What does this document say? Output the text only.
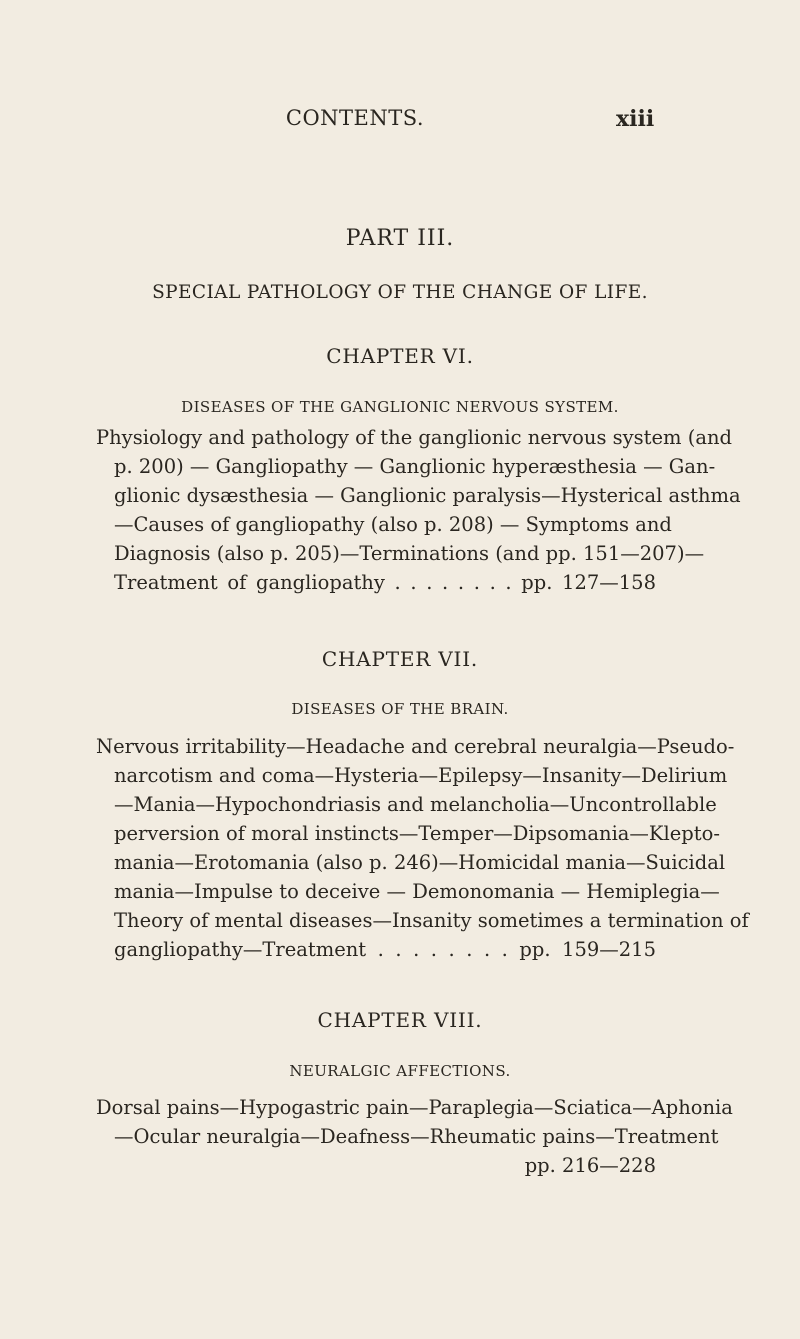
CONTENTS.	xiii
PART III.
SPECIAL PATHOLOGY OF THE CHANGE OF LIFE.
CHAPTER VI.
DISEASES OF THE GANGLIONIC NERVOUS SYSTEM.
Physiology and pathology of the ganglionic nervous system (and
p. 200) — Gangliopathy — Ganglionic hyperæsthesia — Gan-
glionic dysæsthesia — Ganglionic paralysis—Hysterical asthma
—Causes of gangliopathy (also p. 208) — Symptoms and
Diagnosis (also p. 205)—Terminations (and pp. 151—207)—
Treatment of gangliopathy . . . . . . . . pp. 127—158
CHAPTER VII.
DISEASES OF THE BRAIN.
Nervous irritability—Headache and cerebral neuralgia—Pseudo-
narcotism and coma—Hysteria—Epilepsy—Insanity—Delirium
—Mania—Hypochondriasis and melancholia—Uncontrollable
perversion of moral instincts—Temper—Dipsomania—Klepto-
mania—Erotomania (also p. 246)—Homicidal mania—Suicidal
mania—Impulse to deceive — Demonomania — Hemiplegia—
Theory of mental diseases—Insanity sometimes a termination of
gangliopathy—Treatment . . . . . . . . pp. 159—215
CHAPTER VIII.
NEURALGIC AFFECTIONS.
Dorsal pains—Hypogastric pain—Paraplegia—Sciatica—Aphonia
—Ocular neuralgia—Deafness—Rheumatic pains—Treatment
pp. 216—228
